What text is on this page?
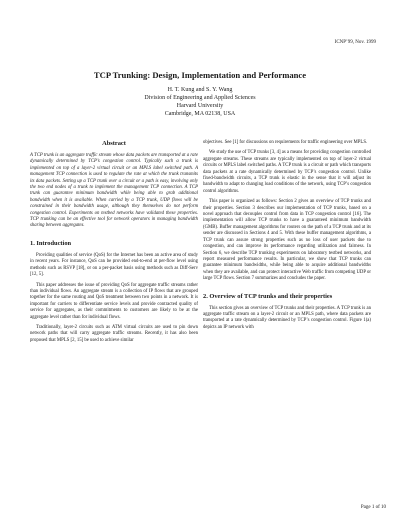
ICNP’99, Nov. 1999
TCP Trunking: Design, Implementation and Performance
H. T. Kung and S. Y. Wang
Division of Engineering and Applied Sciences
Harvard University
Cambridge, MA 02138, USA
Abstract
A TCP trunk is an aggregate traffic stream whose data packets are transported at a rate dynamically determined by TCP’s congestion control. Typically such a trunk is implemented on top of a layer-2 virtual circuit or an MPLS label switched path. A management TCP connection is used to regulate the rate at which the trunk transmits its data packets. Setting up a TCP trunk over a circuit or a path is easy, involving only the two end nodes of a trunk to implement the management TCP connection. A TCP trunk can guarantee minimum bandwidth while being able to grab additional bandwidth when it is available. When carried by a TCP trunk, UDP flows will be constrained in their bandwidth usage, although they themselves do not perform congestion control. Experiments on testbed networks have validated these properties. TCP trunking can be an effective tool for network operators in managing bandwidth sharing between aggregates.
1. Introduction

Providing qualities of service (QoS) for the Internet has been an active area of study in recent years. For instance, QoS can be provided end-to-end at per-flow level using methods such as RSVP [18], or on a per-packet basis using methods such as Diff-Serv [12, 5].

This paper addresses the issue of providing QoS for aggregate traffic streams rather than individual flows. An aggregate stream is a collection of IP flows that are grouped together for the same routing and QoS treatment between two points in a network. It is important for carriers to differentiate service levels and provide contracted quality of service for aggregates, as their commitments to customers are likely to be at the aggregate level rather than for individual flows.

Traditionally, layer-2 circuits such as ATM virtual circuits are used to pin down network paths that will carry aggregate traffic streams. Recently, it has also been proposed that MPLS [2, 15] be used to achieve similar

objectives. See [1] for discussions on requirements for traffic engineering over MPLS.

We study the use of TCP trunks [3, 4] as a means for providing congestion controlled aggregate streams. These streams are typically implemented on top of layer-2 virtual circuits or MPLS label switched paths. A TCP trunk is a circuit or path which transports data packets at a rate dynamically determined by TCP’s congestion control. Unlike fixed-bandwidth circuits, a TCP trunk is elastic in the sense that it will adjust its bandwidth to adapt to changing load conditions of the network, using TCP’s congestion control algorithms.

This paper is organized as follows: Section 2 gives an overview of TCP trunks and their properties. Section 3 describes our implementation of TCP trunks, based on a novel approach that decouples control from data in TCP congestion control [16]. The implementation will allow TCP trunks to have a guaranteed minimum bandwidth (GMB). Buffer management algorithms for routers on the path of a TCP trunk and at its sender are discussed in Sections 4 and 5. With these buffer management algorithms, a TCP trunk can assure strong properties such as no loss of user packets due to congestion, and can improve its performance regarding utilization and fairness. In Section 6, we describe TCP trunking experiments on laboratory testbed networks, and report measured performance results. In particular, we show that TCP trunks can guarantee minimum bandwidths, while being able to acquire additional bandwidths when they are available, and can protect interactive Web traffic from competing UDP or large TCP flows. Section 7 summarizes and concludes the paper.

2. Overview of TCP trunks and their properties

This section gives an overview of TCP trunks and their properties. A TCP trunk is an aggregate traffic stream on a layer-2 circuit or an MPLS path, where data packets are transported at a rate dynamically determined by TCP’s congestion control. Figure 1(a) depicts an IP network with

Page 1 of 10
